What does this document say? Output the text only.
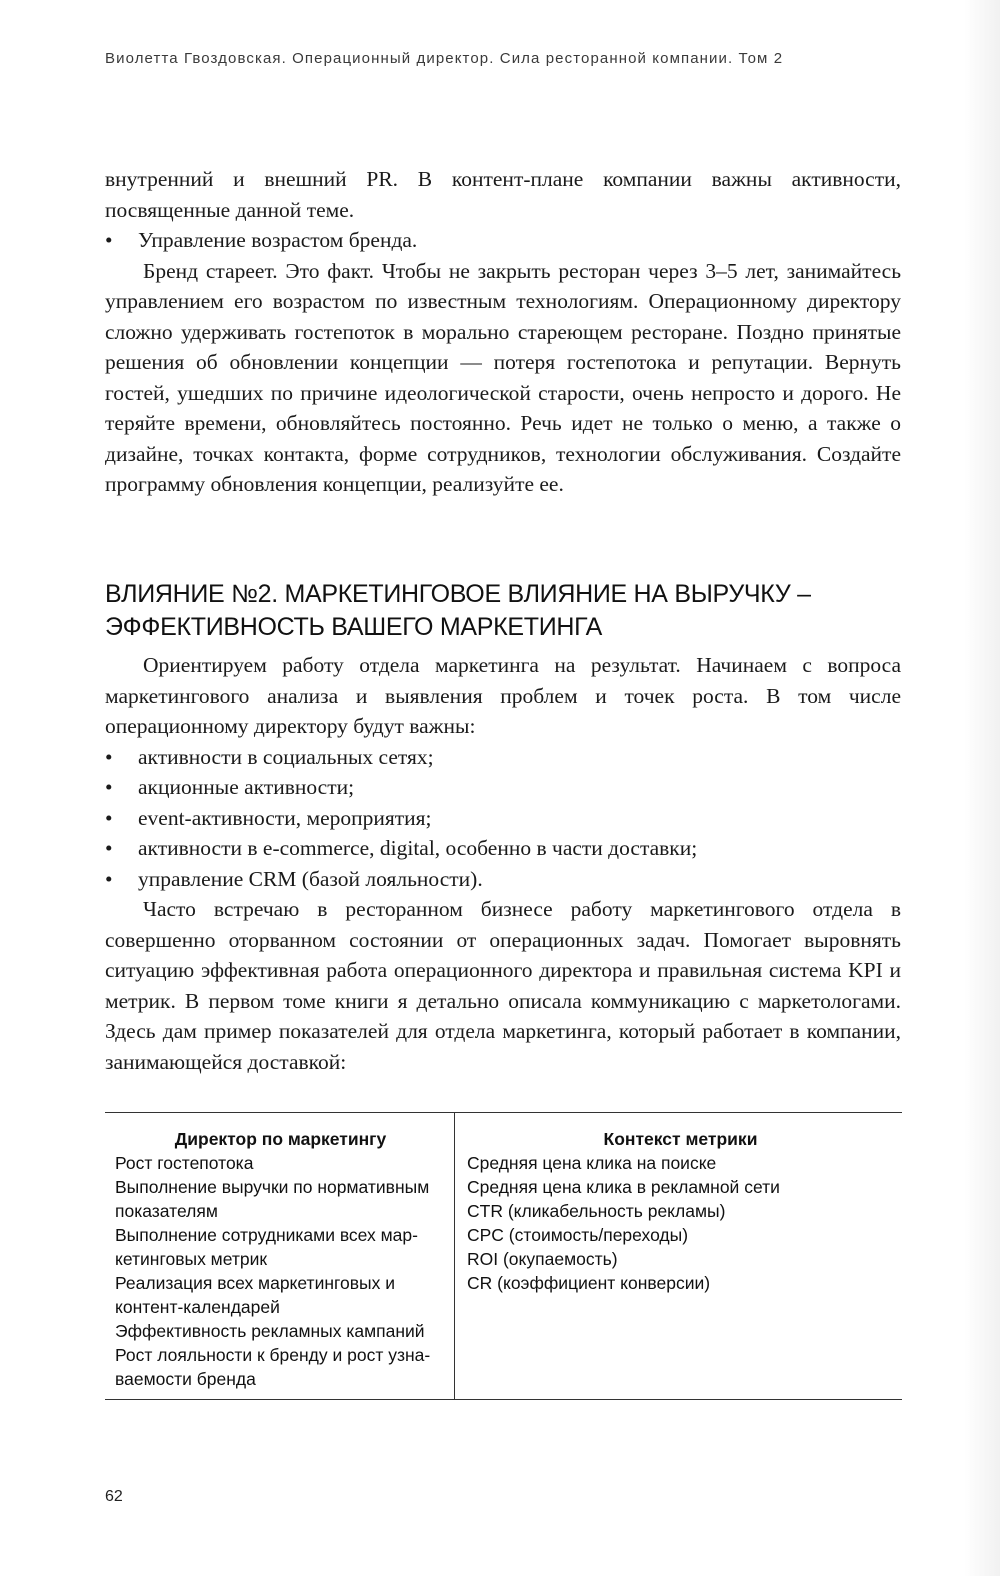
Виолетта Гвоздовская. Операционный директор. Сила ресторанной компании. Том 2

внутренний и внешний PR. В контент-плане компании важны активности, посвященные данной теме.

• Управление возрастом бренда.

Бренд стареет. Это факт. Чтобы не закрыть ресторан через 3–5 лет, занимайтесь управлением его возрастом по известным технологиям. Операционному директору сложно удерживать гостепоток в морально стареющем ресторане. Поздно принятые решения об обновлении концепции — потеря гостепотока и репутации. Вернуть гостей, ушедших по причине идеологической старости, очень непросто и дорого. Не теряйте времени, обновляйтесь постоянно. Речь идет не только о меню, а также о дизайне, точках контакта, форме сотрудников, технологии обслуживания. Создайте программу обновления концепции, реализуйте ее.

ВЛИЯНИЕ №2. МАРКЕТИНГОВОЕ ВЛИЯНИЕ НА ВЫРУЧКУ –
ЭФФЕКТИВНОСТЬ ВАШЕГО МАРКЕТИНГА

Ориентируем работу отдела маркетинга на результат. Начинаем с вопроса маркетингового анализа и выявления проблем и точек роста. В том числе операционному директору будут важны:

• активности в социальных сетях;
• акционные активности;
• event-активности, мероприятия;
• активности в e-commerce, digital, особенно в части доставки;
• управление CRM (базой лояльности).

Часто встречаю в ресторанном бизнесе работу маркетингового отдела в совершенно оторванном состоянии от операционных задач. Помогает выровнять ситуацию эффективная работа операционного директора и правильная система KPI и метрик. В первом томе книги я детально описала коммуникацию с маркетологами. Здесь дам пример показателей для отдела маркетинга, который работает в компании, занимающейся доставкой:

Директор по маркетингу
Рост гостепотока
Выполнение выручки по нормативным показателям
Выполнение сотрудниками всех маркетинговых метрик
Реализация всех маркетинговых и контент-календарей
Эффективность рекламных кампаний
Рост лояльности к бренду и рост узнаваемости бренда
Контекст метрики
Средняя цена клика на поиске
Средняя цена клика в рекламной сети
CTR (кликабельность рекламы)
CPC (стоимость/переходы)
ROI (окупаемость)
CR (коэффициент конверсии)
62
